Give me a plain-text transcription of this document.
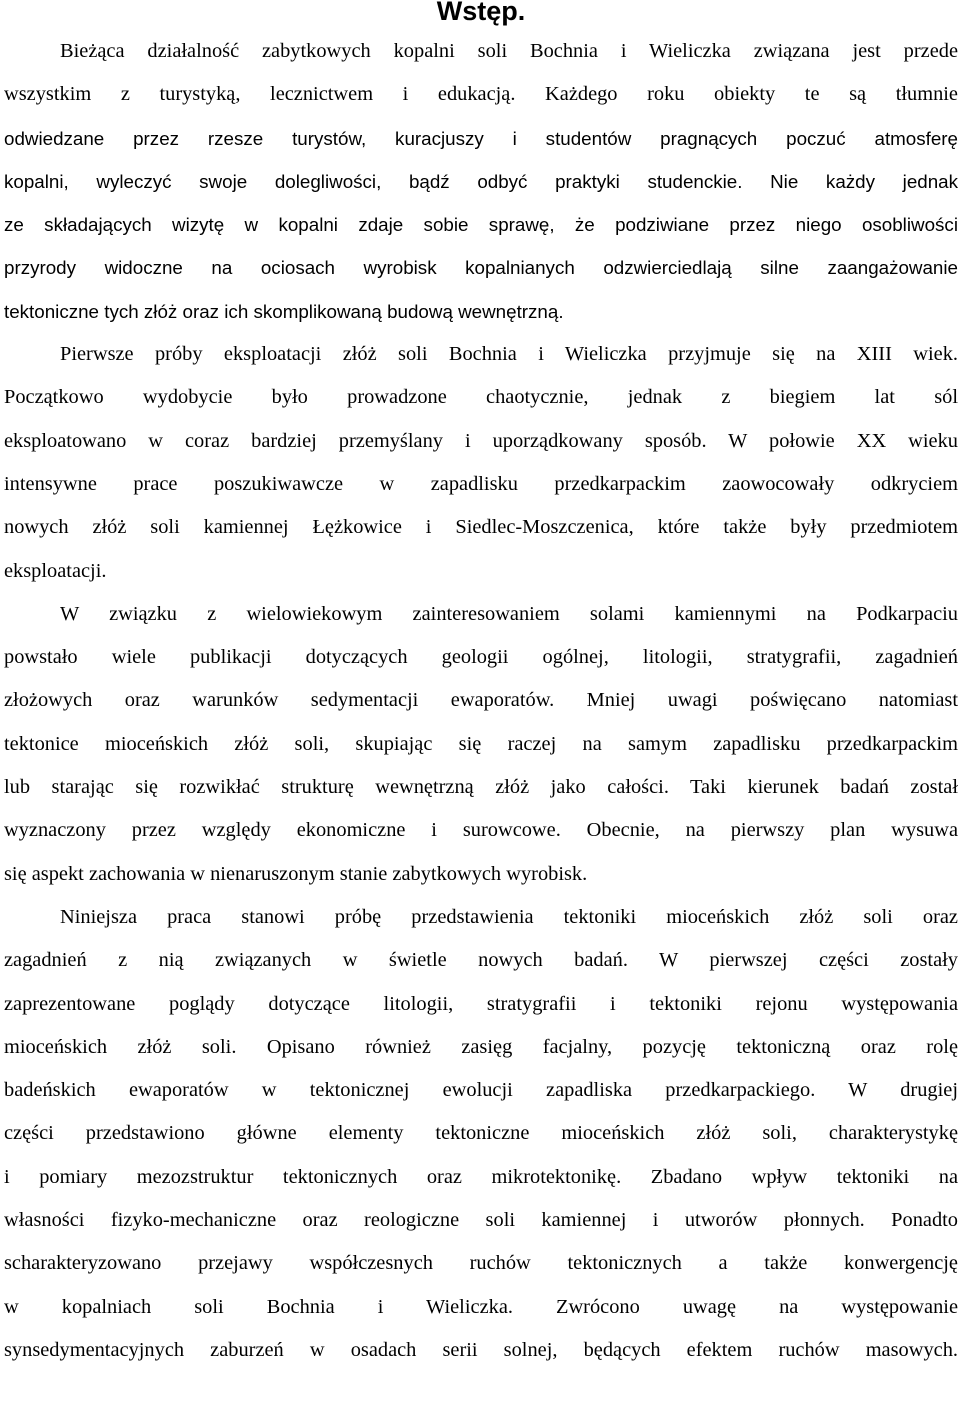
Wstęp.
Bieżąca działalność zabytkowych kopalni soli Bochnia i Wieliczka związana jest przede
wszystkim z turystyką, lecznictwem i edukacją. Każdego roku obiekty te są tłumnie
odwiedzane przez rzesze turystów, kuracjuszy i studentów pragnących poczuć atmosferę
kopalni, wyleczyć swoje dolegliwości, bądź odbyć praktyki studenckie. Nie każdy jednak
ze składających wizytę w kopalni zdaje sobie sprawę, że podziwiane przez niego osobliwości
przyrody widoczne na ociosach wyrobisk kopalnianych odzwierciedlają silne zaangażowanie
tektoniczne tych złóż oraz ich skomplikowaną budową wewnętrzną.
Pierwsze próby eksploatacji złóż soli Bochnia i Wieliczka przyjmuje się na XIII wiek.
Początkowo wydobycie było prowadzone chaotycznie, jednak z biegiem lat sól
eksploatowano w coraz bardziej przemyślany i uporządkowany sposób. W połowie XX wieku
intensywne prace poszukiwawcze w zapadlisku przedkarpackim zaowocowały odkryciem
nowych złóż soli kamiennej Łężkowice i Siedlec-Moszczenica, które także były przedmiotem
eksploatacji.
W związku z wielowiekowym zainteresowaniem solami kamiennymi na Podkarpaciu
powstało wiele publikacji dotyczących geologii ogólnej, litologii, stratygrafii, zagadnień
złożowych oraz warunków sedymentacji ewaporatów. Mniej uwagi poświęcano natomiast
tektonice mioceńskich złóż soli, skupiając się raczej na samym zapadlisku przedkarpackim
lub starając się rozwikłać strukturę wewnętrzną złóż jako całości. Taki kierunek badań został
wyznaczony przez względy ekonomiczne i surowcowe. Obecnie, na pierwszy plan wysuwa
się aspekt zachowania w nienaruszonym stanie zabytkowych wyrobisk.
Niniejsza praca stanowi próbę przedstawienia tektoniki mioceńskich złóż soli oraz
zagadnień z nią związanych w świetle nowych badań. W pierwszej części zostały
zaprezentowane poglądy dotyczące litologii, stratygrafii i tektoniki rejonu występowania
mioceńskich złóż soli. Opisano również zasięg facjalny, pozycję tektoniczną oraz rolę
badeńskich ewaporatów w tektonicznej ewolucji zapadliska przedkarpackiego. W drugiej
części przedstawiono główne elementy tektoniczne mioceńskich złóż soli, charakterystykę
i pomiary mezozstruktur tektonicznych oraz mikrotektonikę. Zbadano wpływ tektoniki na
własności fizyko-mechaniczne oraz reologiczne soli kamiennej i utworów płonnych. Ponadto
scharakteryzowano przejawy współczesnych ruchów tektonicznych a także konwergencję
w kopalniach soli Bochnia i Wieliczka. Zwrócono uwagę na występowanie
synsedymentacyjnych zaburzeń w osadach serii solnej, będących efektem ruchów masowych.
